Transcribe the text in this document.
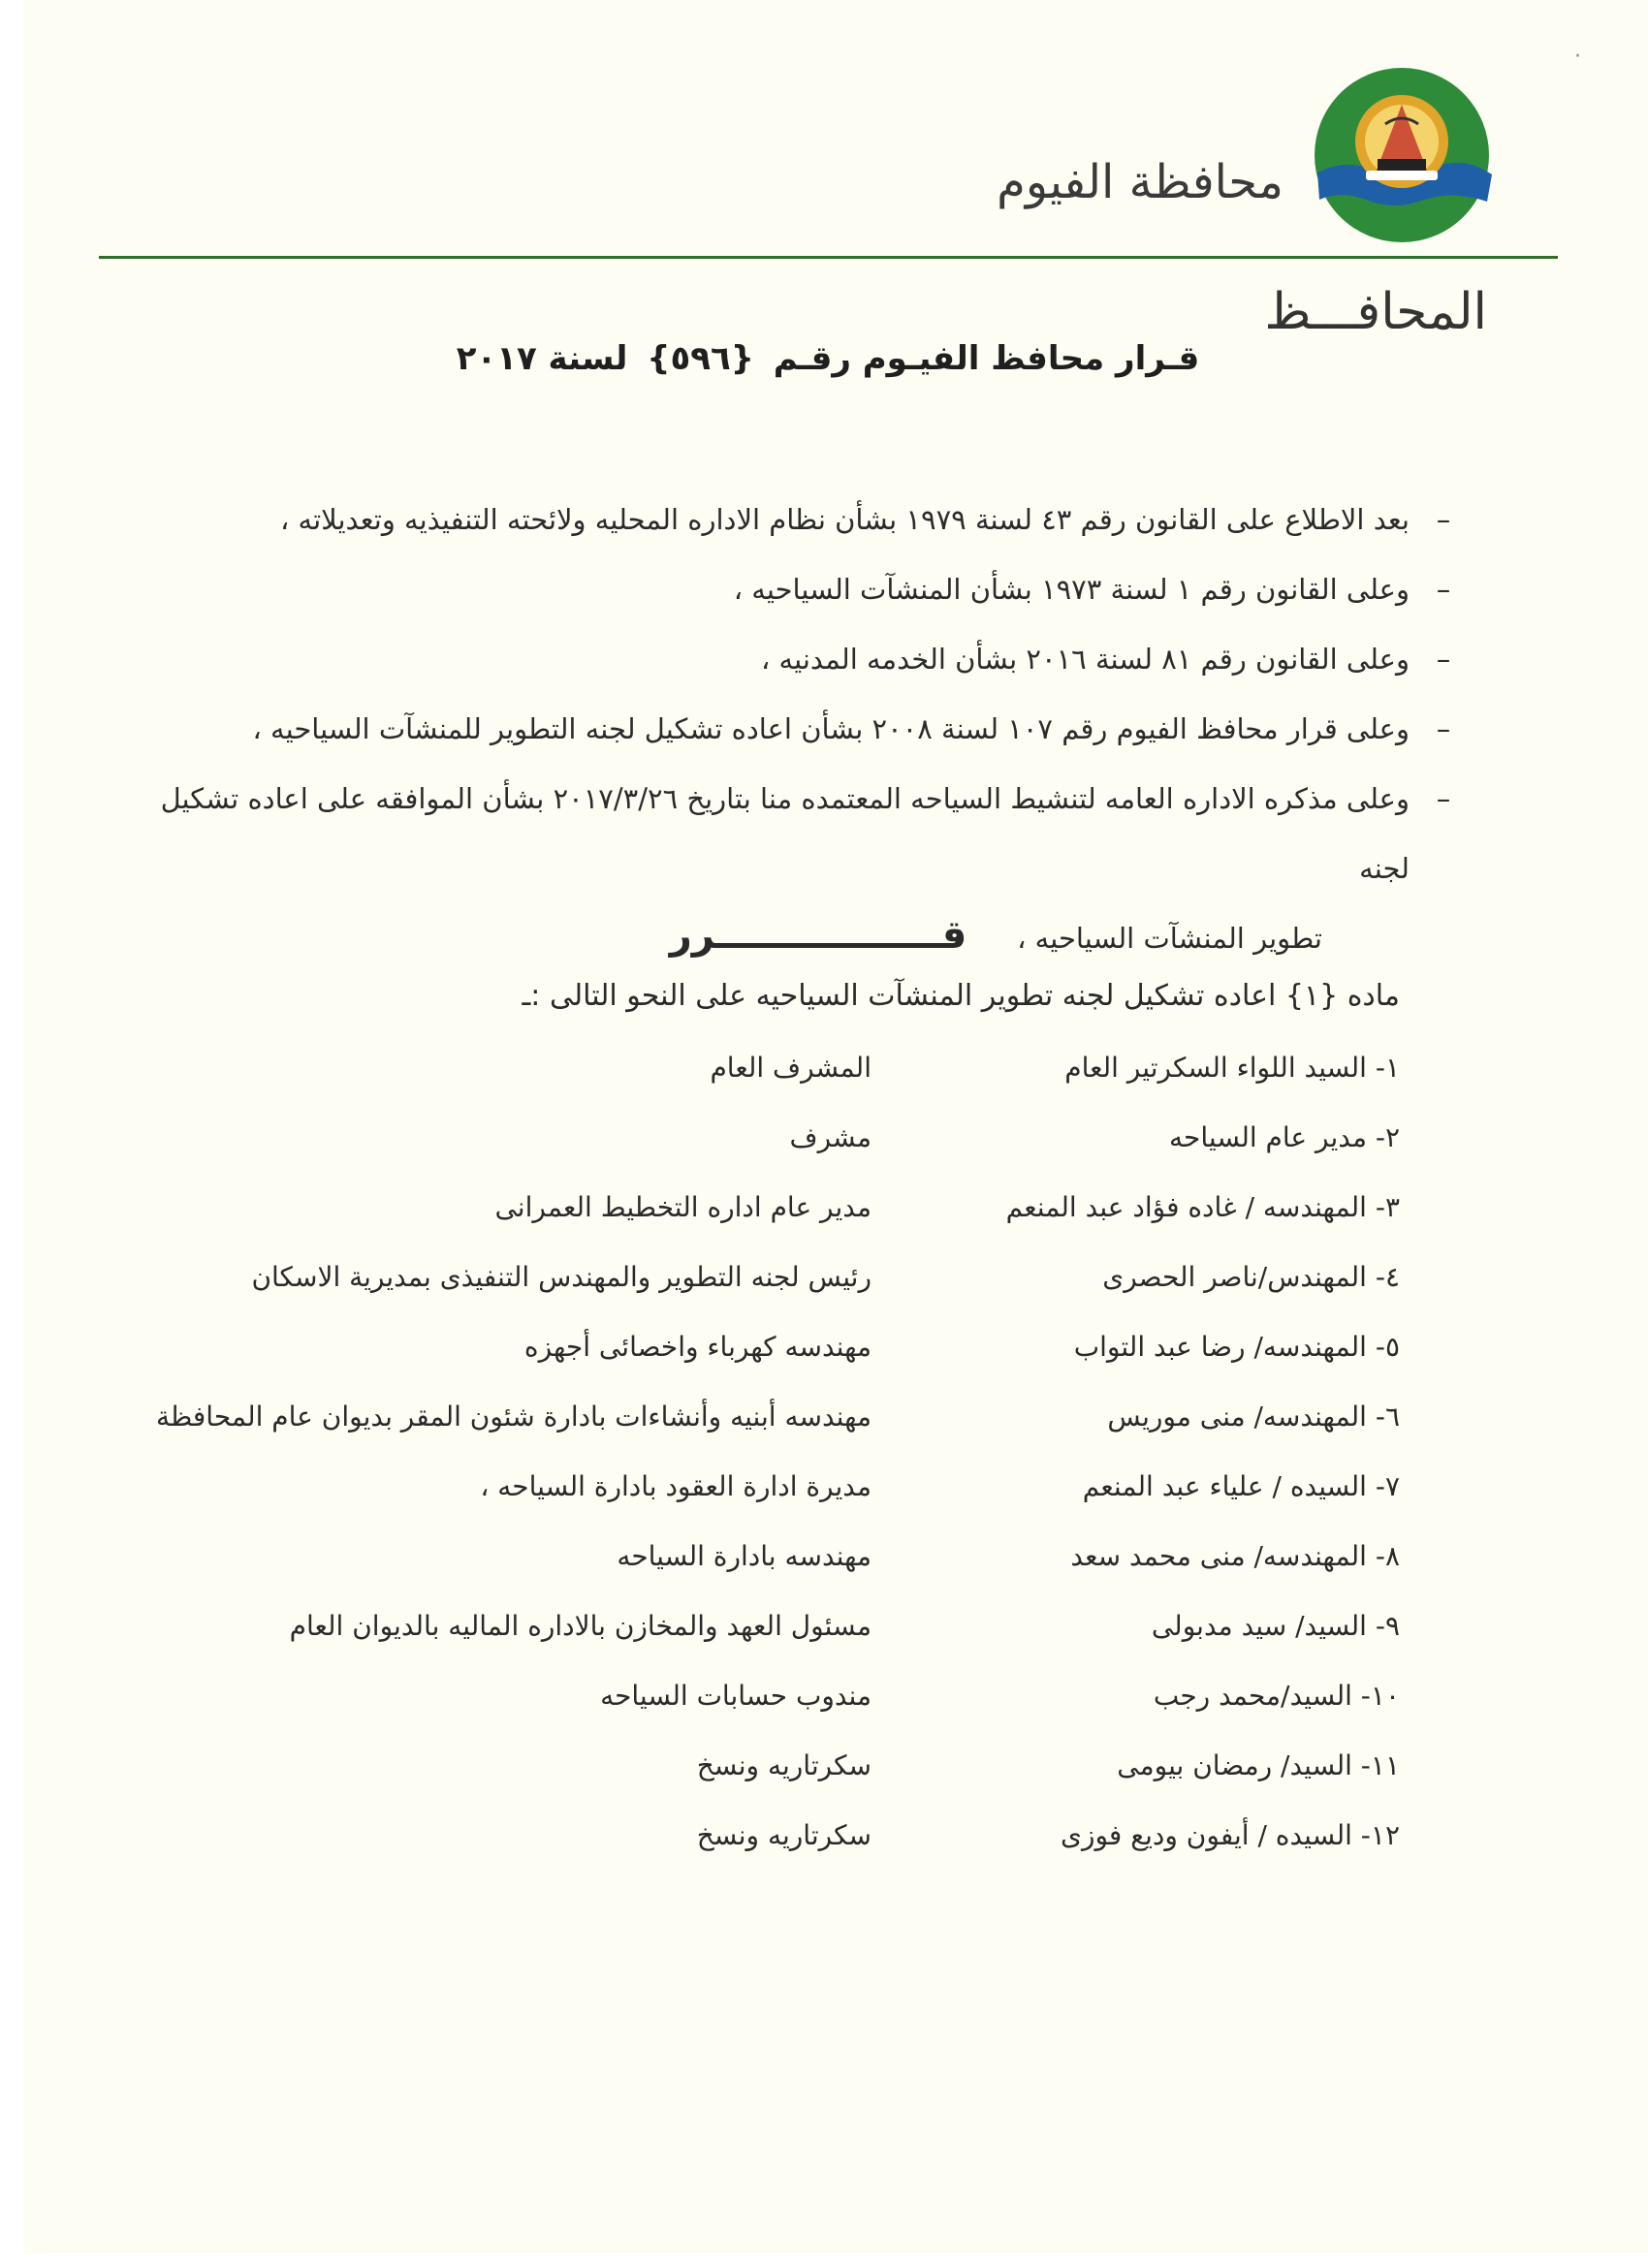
·
محافظة الفيوم
المحافـــظ
قـرار محافظ الفيـوم رقـم {٥٩٦} لسنة ٢٠١٧
–
بعد الاطلاع على القانون رقم ٤٣ لسنة ١٩٧٩ بشأن نظام الاداره المحليه ولائحته التنفيذيه وتعديلاته ،
–
وعلى القانون رقم ١ لسنة ١٩٧٣ بشأن المنشآت السياحيه ،
–
وعلى القانون رقم ٨١ لسنة ٢٠١٦ بشأن الخدمه المدنيه ،
–
وعلى قرار محافظ الفيوم رقم ١٠٧ لسنة ٢٠٠٨ بشأن اعاده تشكيل لجنه التطوير للمنشآت السياحيه ،
–
وعلى مذكره الاداره العامه لتنشيط السياحه المعتمده منا بتاريخ ٢٠١٧/٣/٢٦ بشأن الموافقه على اعاده تشكيل لجنه
تطوير المنشآت السياحيه ،
قـــــــــــــــــرر
ماده {١} اعاده تشكيل لجنه تطوير المنشآت السياحيه على النحو التالى :ـ
١- السيد اللواء السكرتير العام
المشرف العام
٢- مدير عام السياحه
مشرف
٣- المهندسه / غاده فؤاد عبد المنعم
مدير عام اداره التخطيط العمرانى
٤- المهندس/ناصر الحصرى
رئيس لجنه التطوير والمهندس التنفيذى بمديرية الاسكان
٥- المهندسه/ رضا عبد التواب
مهندسه كهرباء واخصائى أجهزه
٦- المهندسه/ منى موريس
مهندسه أبنيه وأنشاءات بادارة شئون المقر بديوان عام المحافظة
٧- السيده / علياء عبد المنعم
مديرة ادارة العقود بادارة السياحه ،
٨- المهندسه/ منى محمد سعد
مهندسه بادارة السياحه
٩- السيد/ سيد مدبولى
مسئول العهد والمخازن بالاداره الماليه بالديوان العام
١٠- السيد/محمد رجب
مندوب حسابات السياحه
١١- السيد/ رمضان بيومى
سكرتاريه ونسخ
١٢- السيده / أيفون وديع فوزى
سكرتاريه ونسخ
